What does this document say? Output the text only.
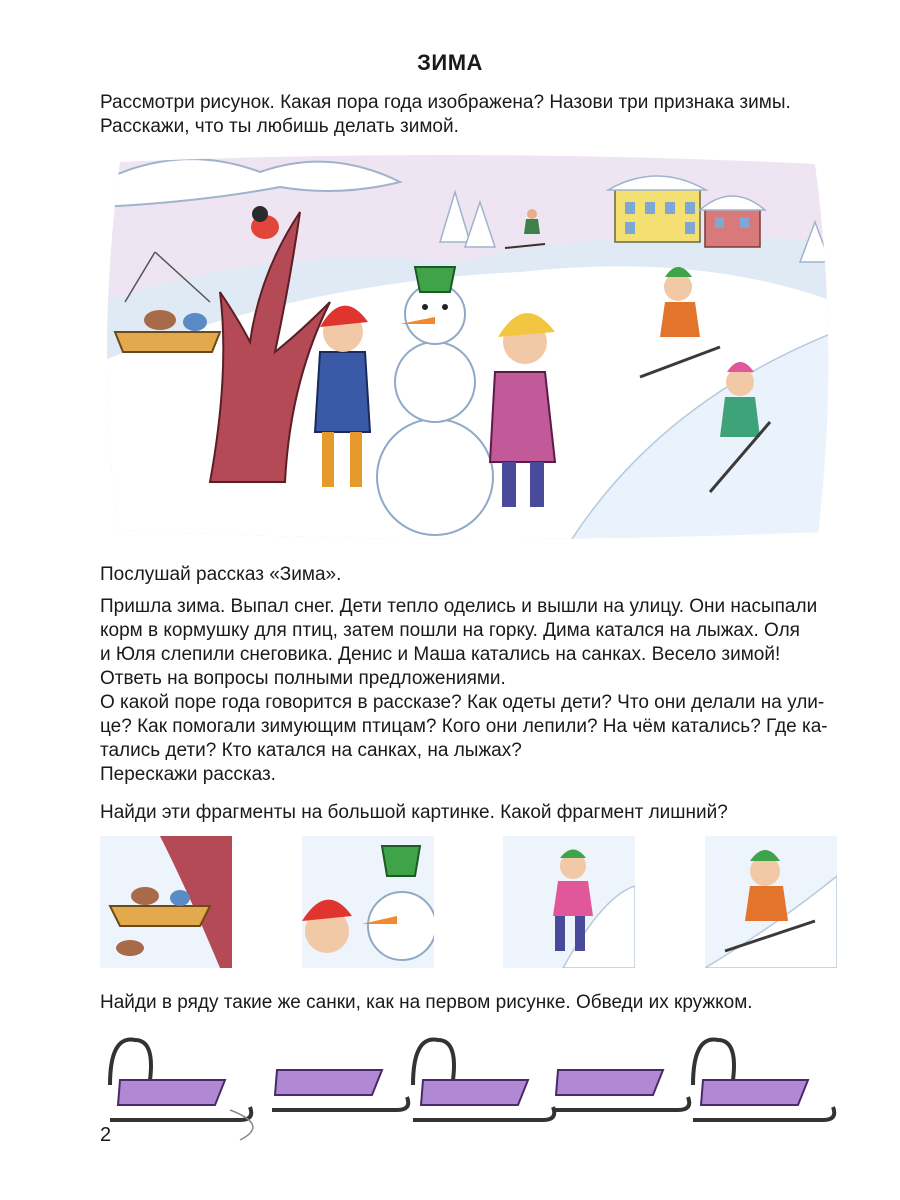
ЗИМА
Рассмотри рисунок. Какая пора года изображена? Назови три признака зимы.
Расскажи, что ты любишь делать зимой.
Послушай рассказ «Зима».
Пришла зима. Выпал снег. Дети тепло оделись и вышли на улицу. Они насыпали
корм в кормушку для птиц, затем пошли на горку. Дима катался на лыжах. Оля
и Юля слепили снеговика. Денис и Маша катались на санках. Весело зимой!
Ответь на вопросы полными предложениями.
О какой поре года говорится в рассказе? Как одеты дети? Что они делали на ули-
це? Как помогали зимующим птицам? Кого они лепили? На чём катались? Где ка-
тались дети? Кто катался на санках, на лыжах?
Перескажи рассказ.
Найди эти фрагменты на большой картинке. Какой фрагмент лишний?
Найди в ряду такие же санки, как на первом рисунке. Обведи их кружком.
2
